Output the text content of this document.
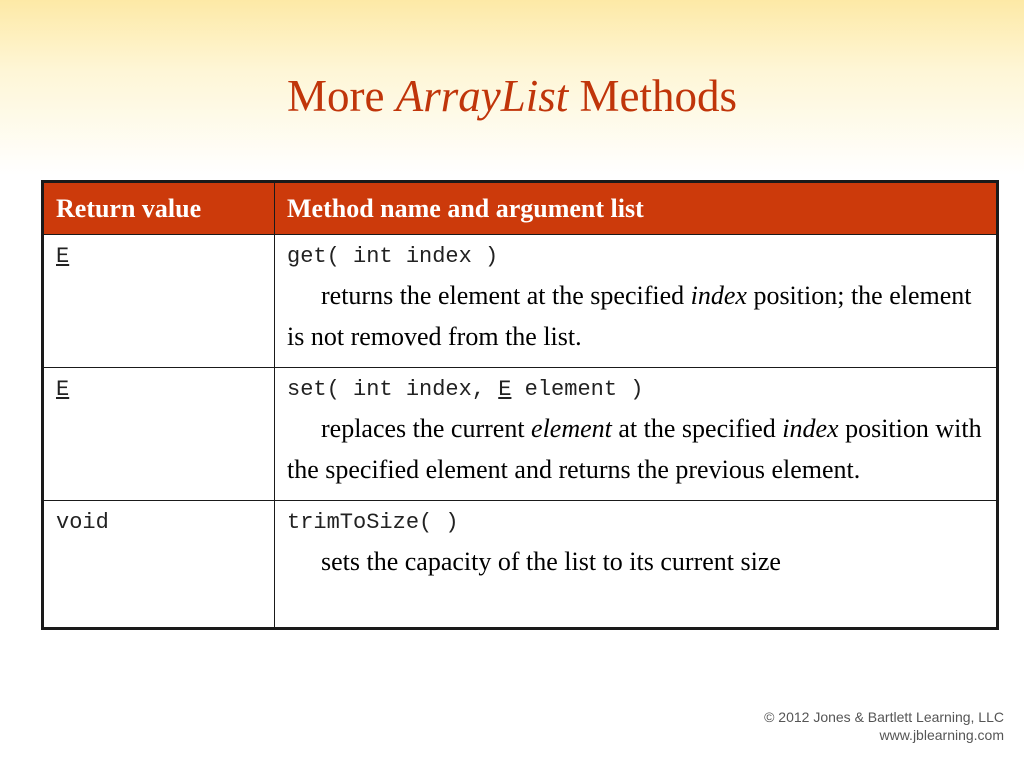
More ArrayList Methods
Return value	Method name and argument list

E	get( int index )
returns the element at the specified index position; the element is not removed from the list.

E	set( int index, E element )
replaces the current element at the specified index position with the specified element and returns the previous element.

void	trimToSize( )
sets the capacity of the list to its current size
© 2012 Jones & Bartlett Learning, LLC
www.jblearning.com
